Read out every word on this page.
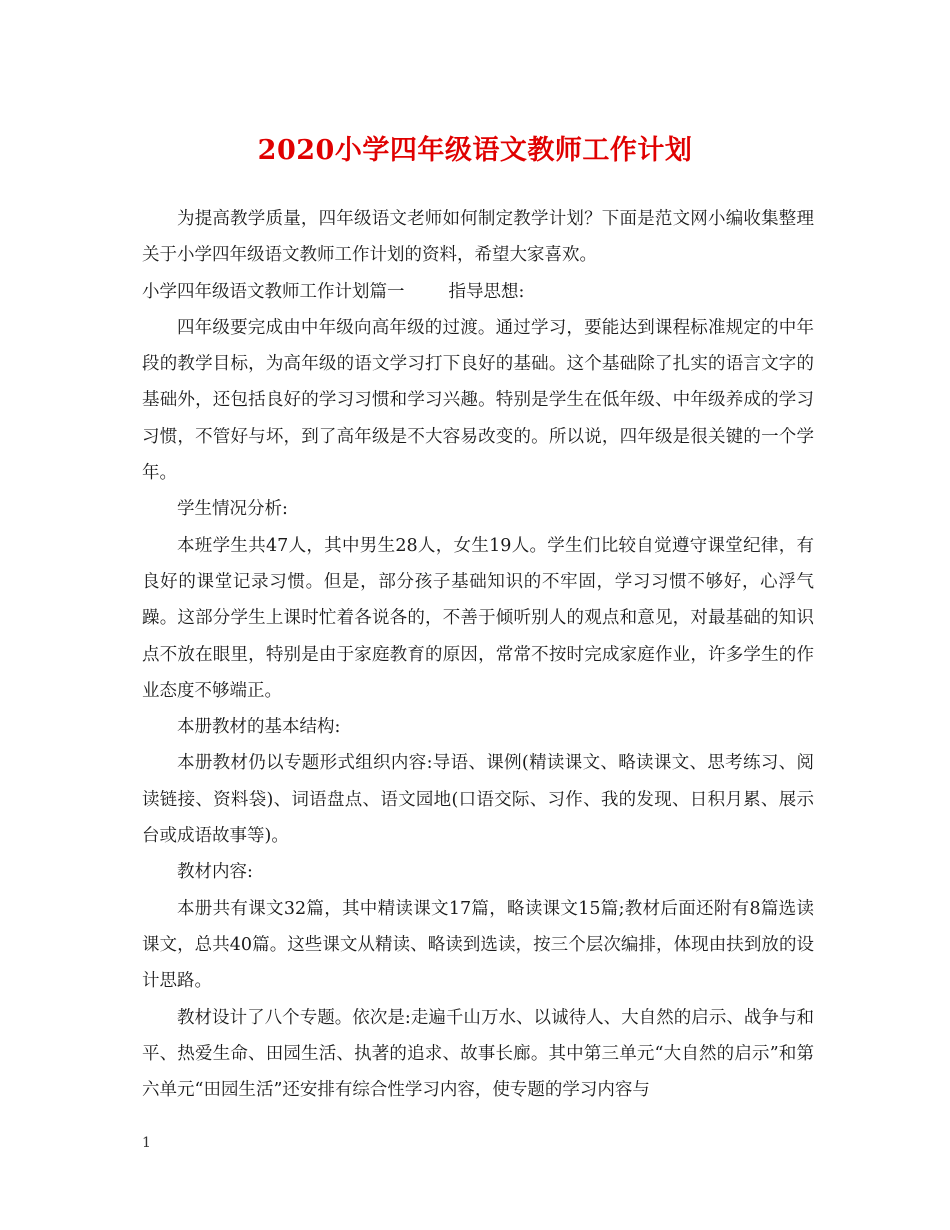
2020小学四年级语文教师工作计划

为提高教学质量，四年级语文老师如何制定教学计划？下面是范文网小编收集整理关于小学四年级语文教师工作计划的资料，希望大家喜欢。

小学四年级语文教师工作计划篇一	指导思想:

四年级要完成由中年级向高年级的过渡。通过学习，要能达到课程标准规定的中年段的教学目标，为高年级的语文学习打下良好的基础。这个基础除了扎实的语言文字的基础外，还包括良好的学习习惯和学习兴趣。特别是学生在低年级、中年级养成的学习习惯，不管好与坏，到了高年级是不大容易改变的。所以说，四年级是很关键的一个学年。

学生情况分析:

本班学生共47人，其中男生28人，女生19人。学生们比较自觉遵守课堂纪律，有良好的课堂记录习惯。但是，部分孩子基础知识的不牢固，学习习惯不够好，心浮气躁。这部分学生上课时忙着各说各的，不善于倾听别人的观点和意见，对最基础的知识点不放在眼里，特别是由于家庭教育的原因，常常不按时完成家庭作业，许多学生的作业态度不够端正。

本册教材的基本结构:

本册教材仍以专题形式组织内容:导语、课例(精读课文、略读课文、思考练习、阅读链接、资料袋)、词语盘点、语文园地(口语交际、习作、我的发现、日积月累、展示台或成语故事等)。

教材内容:

本册共有课文32篇，其中精读课文17篇，略读课文15篇;教材后面还附有8篇选读课文，总共40篇。这些课文从精读、略读到选读，按三个层次编排，体现由扶到放的设计思路。

教材设计了八个专题。依次是:走遍千山万水、以诚待人、大自然的启示、战争与和平、热爱生命、田园生活、执著的追求、故事长廊。其中第三单元“大自然的启示”和第六单元“田园生活”还安排有综合性学习内容，使专题的学习内容与

1
